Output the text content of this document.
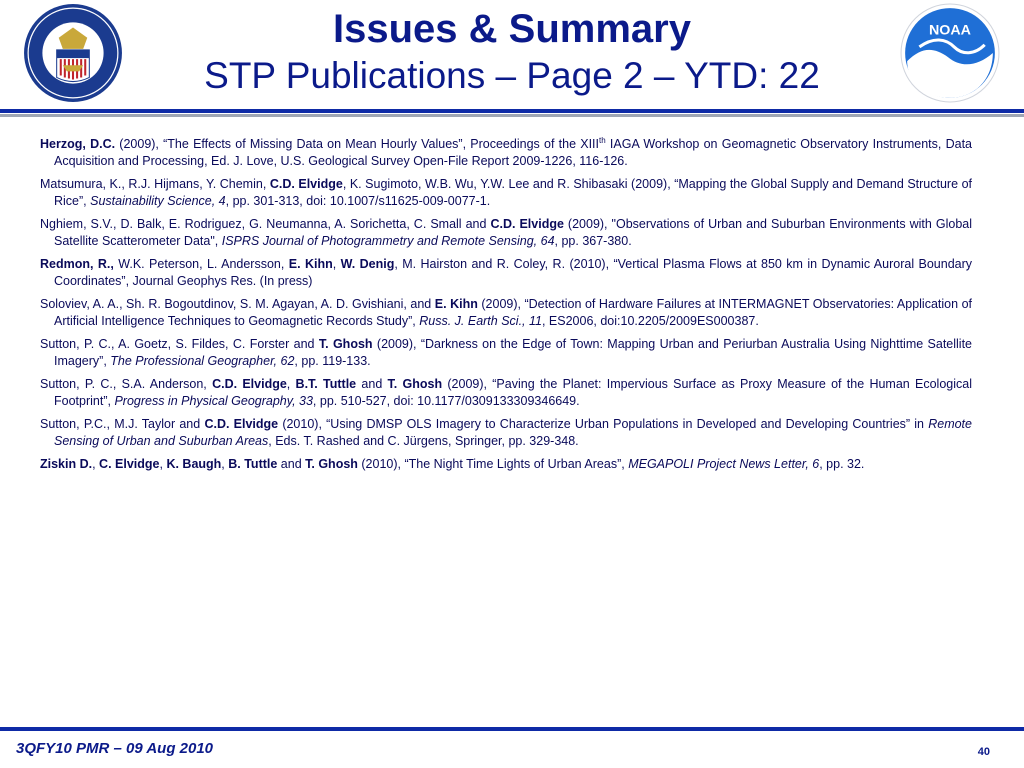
Issues & Summary
STP Publications – Page 2 – YTD: 22
NOAA
Herzog, D.C. (2009), “The Effects of Missing Data on Mean Hourly Values”, Proceedings of the XIIIth IAGA Workshop on Geomagnetic Observatory Instruments, Data Acquisition and Processing, Ed. J. Love, U.S. Geological Survey Open-File Report 2009-1226, 116-126.
Matsumura, K., R.J. Hijmans, Y. Chemin, C.D. Elvidge, K. Sugimoto, W.B. Wu, Y.W. Lee and R. Shibasaki (2009), “Mapping the Global Supply and Demand Structure of Rice”, Sustainability Science, 4, pp. 301-313, doi: 10.1007/s11625-009-0077-1.
Nghiem, S.V., D. Balk, E. Rodriguez, G. Neumanna, A. Sorichetta, C. Small and C.D. Elvidge (2009), "Observations of Urban and Suburban Environments with Global Satellite Scatterometer Data", ISPRS Journal of Photogrammetry and Remote Sensing, 64, pp. 367-380.
Redmon, R., W.K. Peterson, L. Andersson, E. Kihn, W. Denig, M. Hairston and R. Coley, R. (2010), “Vertical Plasma Flows at 850 km in Dynamic Auroral Boundary Coordinates”, Journal Geophys Res. (In press)
Soloviev, A. A., Sh. R. Bogoutdinov, S. M. Agayan, A. D. Gvishiani, and E. Kihn (2009), “Detection of Hardware Failures at INTERMAGNET Observatories: Application of Artificial Intelligence Techniques to Geomagnetic Records Study”, Russ. J. Earth Sci., 11, ES2006, doi:10.2205/2009ES000387.
Sutton, P. C., A. Goetz, S. Fildes, C. Forster and T. Ghosh (2009), “Darkness on the Edge of Town: Mapping Urban and Periurban Australia Using Nighttime Satellite Imagery”, The Professional Geographer, 62, pp. 119-133.
Sutton, P. C., S.A. Anderson, C.D. Elvidge, B.T. Tuttle and T. Ghosh (2009), “Paving the Planet: Impervious Surface as Proxy Measure of the Human Ecological Footprint”, Progress in Physical Geography, 33, pp. 510-527, doi: 10.1177/0309133309346649.
Sutton, P.C., M.J. Taylor and C.D. Elvidge (2010), “Using DMSP OLS Imagery to Characterize Urban Populations in Developed and Developing Countries” in Remote Sensing of Urban and Suburban Areas, Eds. T. Rashed and C. Jürgens, Springer, pp. 329-348.
Ziskin D., C. Elvidge, K. Baugh, B. Tuttle and T. Ghosh (2010), “The Night Time Lights of Urban Areas”, MEGAPOLI Project News Letter, 6, pp. 32.
3QFY10 PMR – 09 Aug 2010	40
